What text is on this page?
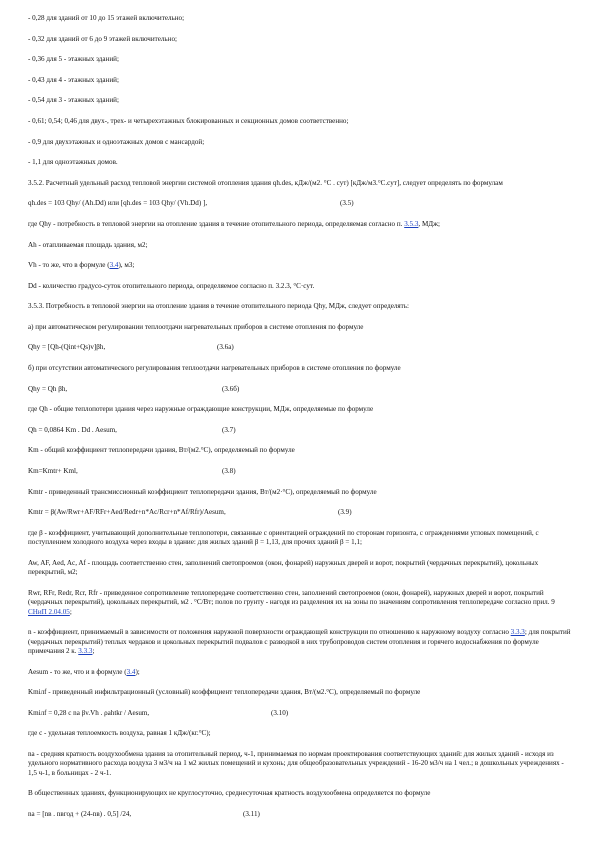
- 0,28 для зданий от 10 до 15 этажей включительно;

- 0,32 для зданий от 6 до 9 этажей включительно;

- 0,36 для 5 - этажных зданий;

- 0,43 для 4 - этажных зданий;

- 0,54 для 3 - этажных зданий;

- 0,61; 0,54; 0,46 для двух-, трех- и четырехэтажных блокированных и секционных домов соответственно;

- 0,9 для двухэтажных и одноэтажных домов с мансардой;

- 1,1 для одноэтажных домов.

3.5.2. Расчетный удельный расход тепловой энергии системой отопления здания qh.des, кДж/(м2. °С . сут) [кДж/м3.°С.сут], следует определять по формулам

qh.des = 103 Qhy/ (Ah.Dd) или [qh.des = 103 Qhy/ (Vh.Dd) ],	(3.5)

где Qhy - потребность в тепловой энергии на отопление здания в течение отопительного периода, определяемая согласно п. 3.5.3, МДж;

Ah - отапливаемая площадь здания, м2;

Vh - то же, что в формуле (3.4), м3;

Dd - количество градусо-суток отопительного периода, определяемое согласно п. 3.2.3, °С·сут.

3.5.3. Потребность в тепловой энергии на отопление здания в течение отопительного периода Qhy, МДж, следует определять:

а) при автоматическом регулировании теплоотдачи нагревательных приборов в системе отопления по формуле

Qhy = [Qh-(Qint+Qs)v]βh,	(3.6а)

б) при отсутствии автоматического регулирования теплоотдачи нагревательных приборов в системе отопления по формуле

Qhy = Qh βh,	(3.6б)

где Qh - общие теплопотери здания через наружные ограждающие конструкции, МДж, определяемые по формуле

Qh = 0,0864 Km . Dd . Aesum,	(3.7)

Km - общий коэффициент теплопередачи здания, Вт/(м2.°С), определяемый по формуле

Km=Kmtr+ Kml,	(3.8)

Kmtr - приведенный трансмиссионный коэффициент теплопередачи здания, Вт/(м2·°С), определяемый по формуле

Kmtr = β(Aw/Rwr+AF/RFr+Aed/Redr+n*Ac/Rcr+n*Af/Rfr)/Aesum,	(3.9)

где β - коэффициент, учитывающий дополнительные теплопотери, связанные с ориентацией ограждений по сторонам горизонта, с ограждениями угловых помещений, с поступлением холодного воздуха через входы в здание: для жилых зданий β = 1,13, для прочих зданий β = 1,1;

Aw, AF, Aed, Ac, Af - площадь соответственно стен, заполнений светопроемов (окон, фонарей) наружных дверей и ворот, покрытий (чердачных перекрытий), цокольных перекрытий, м2;

Rwr, RFr, Redr, Rcr, Rfr - приведенное сопротивление теплопередаче соответственно стен, заполнений светопроемов (окон, фонарей), наружных дверей и ворот, покрытий (чердачных перекрытий), цокольных перекрытий, м2 . °С/Вт; полов по грунту - нагодя из разделения их на зоны по значениям сопротивления теплопередаче согласно прил. 9 СНиП 2.04.05;

n - коэффициент, принимаемый в зависимости от положения наружной поверхности ограждающей конструкции по отношению к наружному воздуху согласно 3.3.3; для покрытий (чердачных перекрытий) теплых чердаков и цокольных перекрытий подвалов с разводкой в них трубопроводов систем отопления и горячего водоснабжения по формуле примечания 2 к. 3.3.3;

Aesum - то же, что и в формуле (3.4);

Kmiлf - приведенный инфильтрационный (условный) коэффициент теплопередачи здания, Вт/(м2.°С), определяемый по формуле

Kmiлf = 0,28 c na βv.Vh . ρahtkr / Aesum,	(3.10)

где с - удельная теплоемкость воздуха, равная 1 кДж/(кг.°С);

na - средняя кратность воздухообмена здания за отопительный период, ч-1, принимаемая по нормам проектирования соответствующих зданий: для жилых зданий - исходя из удельного нормативного расхода воздуха 3 м3/ч на 1 м2 жилых помещений и кухонь; для общеобразовательных учреждений - 16-20 м3/ч на 1 чел.; в дошкольных учреждениях - 1,5 ч-1, в больницах - 2 ч-1.

В общественных зданиях, функционирующих не круглосуточно, среднесуточная кратность воздухообмена определяется по формуле

na = [nв . nвгод + (24-nв) . 0,5] /24,	(3.11)
